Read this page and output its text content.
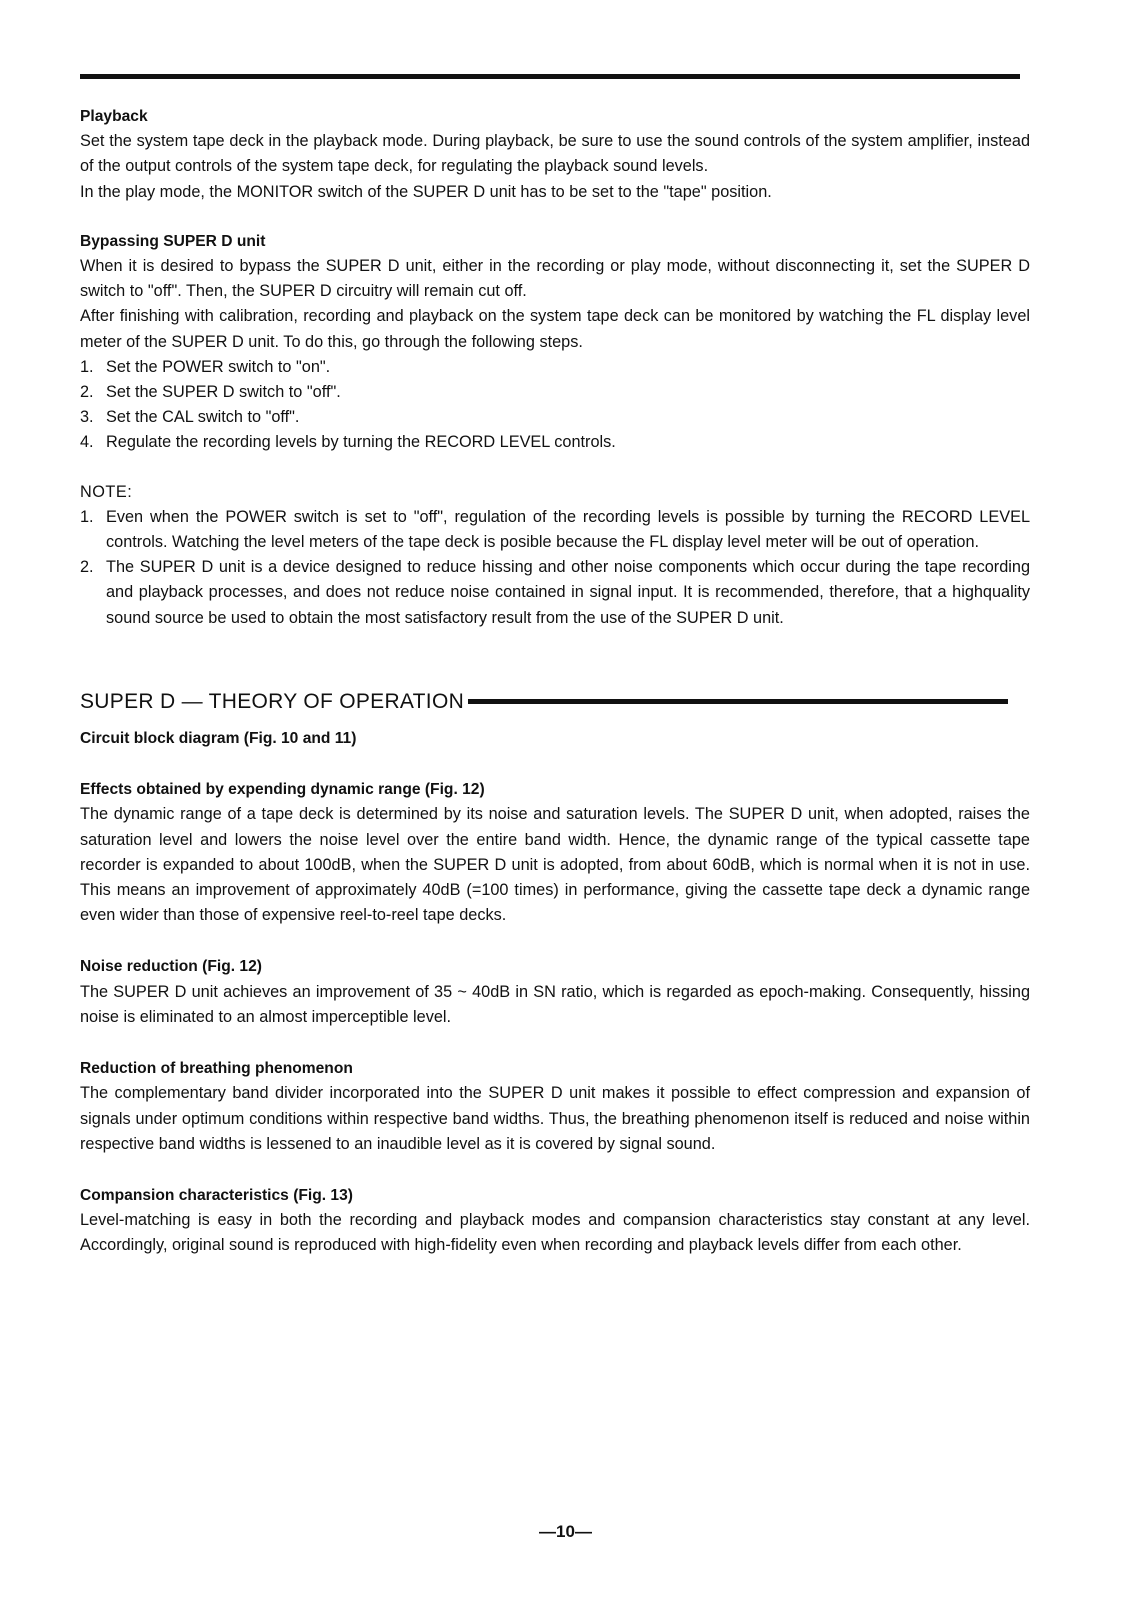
Playback

Set the system tape deck in the playback mode. During playback, be sure to use the sound controls of the system amplifier, instead of the output controls of the system tape deck, for regulating the playback sound levels.

In the play mode, the MONITOR switch of the SUPER D unit has to be set to the "tape" position.

Bypassing SUPER D unit

When it is desired to bypass the SUPER D unit, either in the recording or play mode, without disconnecting it, set the SUPER D switch to "off". Then, the SUPER D circuitry will remain cut off.

After finishing with calibration, recording and playback on the system tape deck can be monitored by watching the FL display level meter of the SUPER D unit. To do this, go through the following steps.

1. Set the POWER switch to "on".
2. Set the SUPER D switch to "off".
3. Set the CAL switch to "off".
4. Regulate the recording levels by turning the RECORD LEVEL controls.
NOTE:
1. Even when the POWER switch is set to "off", regulation of the recording levels is possible by turning the RECORD LEVEL controls. Watching the level meters of the tape deck is posible because the FL display level meter will be out of operation.
2. The SUPER D unit is a device designed to reduce hissing and other noise components which occur during the tape recording and playback processes, and does not reduce noise contained in signal input. It is recommended, therefore, that a highquality sound source be used to obtain the most satisfactory result from the use of the SUPER D unit.
SUPER D — THEORY OF OPERATION
Circuit block diagram (Fig. 10 and 11)
Effects obtained by expending dynamic range (Fig. 12)

The dynamic range of a tape deck is determined by its noise and saturation levels. The SUPER D unit, when adopted, raises the saturation level and lowers the noise level over the entire band width. Hence, the dynamic range of the typical cassette tape recorder is expanded to about 100dB, when the SUPER D unit is adopted, from about 60dB, which is normal when it is not in use. This means an improvement of approximately 40dB (=100 times) in performance, giving the cassette tape deck a dynamic range even wider than those of expensive reel-to-reel tape decks.

Noise reduction (Fig. 12)

The SUPER D unit achieves an improvement of 35 ~ 40dB in SN ratio, which is regarded as epoch-making. Consequently, hissing noise is eliminated to an almost imperceptible level.

Reduction of breathing phenomenon

The complementary band divider incorporated into the SUPER D unit makes it possible to effect compression and expansion of signals under optimum conditions within respective band widths. Thus, the breathing phenomenon itself is reduced and noise within respective band widths is lessened to an inaudible level as it is covered by signal sound.

Compansion characteristics (Fig. 13)

Level-matching is easy in both the recording and playback modes and compansion characteristics stay constant at any level. Accordingly, original sound is reproduced with high-fidelity even when recording and playback levels differ from each other.

—10—
